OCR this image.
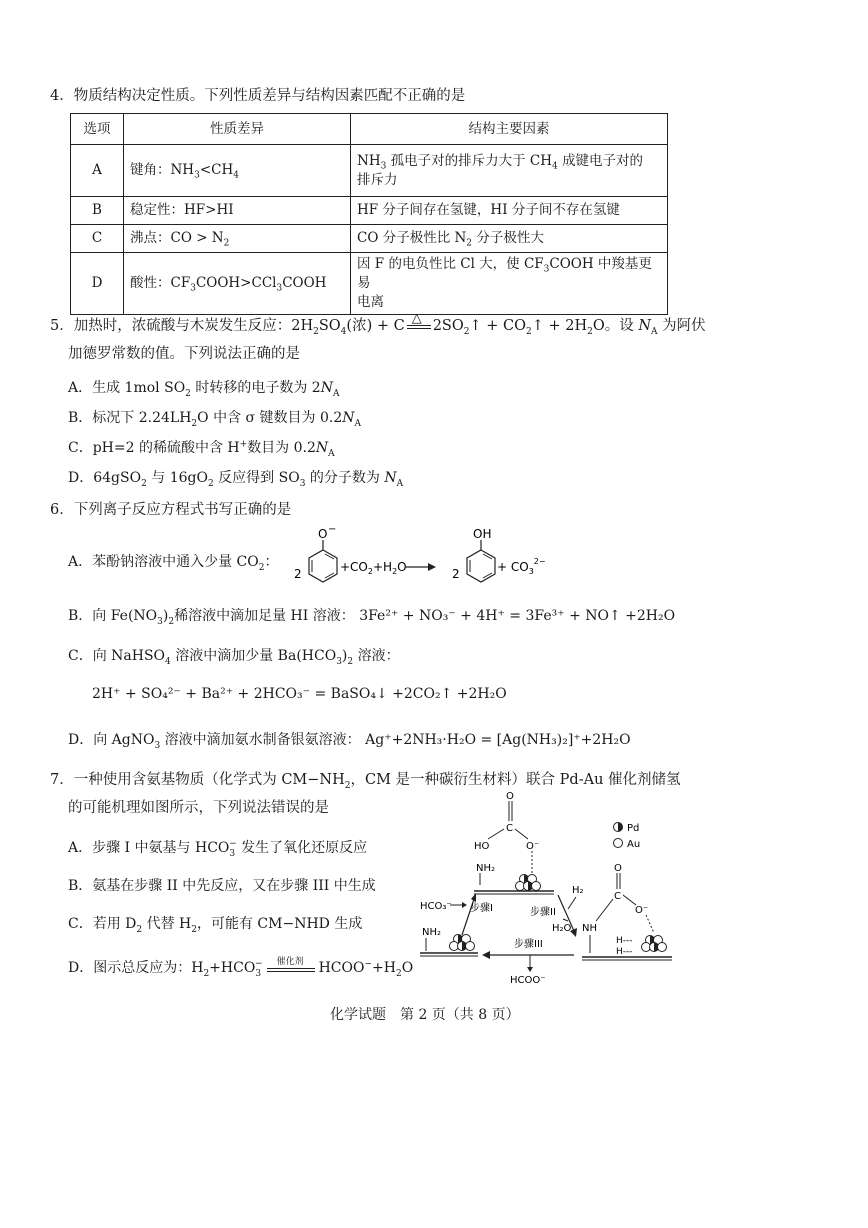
4．物质结构决定性质。下列性质差异与结构因素匹配不正确的是
选项	性质差异	结构主要因素
A	键角：$NH_3<CH_4$	$NH_3$ 孤电子对的排斥力大于 $CH_4$ 成键电子对的
排斥力
B	稳定性：HF>HI	HF 分子间存在氢键，HI 分子间不存在氢键
C	沸点：CO > $N_2$	CO 分子极性比 $N_2$ 分子极性大
D	酸性：$CF_3COOH>CCl_3COOH$	因 F 的电负性比 Cl 大，使 $CF_3COOH$ 中羧基更易
电离
5．加热时，浓硫酸与木炭发生反应：$2H_2SO_4$(浓) + C △ $2SO_2↑$ + $CO_2↑ + 2H_2O$。设 $N_A$ 为阿伏
加德罗常数的值。下列说法正确的是
A．生成 1mol $SO_2$ 时转移的电子数为 $2N_A$
B．标况下 $2.24LH_2O$ 中含 σ 键数目为 $0.2N_A$
C．pH=2 的稀硫酸中含 H+数目为 $0.2N_A$
D．64gSO$_2$ 与 $16gO_2$ 反应得到 $SO_3$ 的分子数为 $N_A$
6．下列离子反应方程式书写正确的是
A．苯酚钠溶液中通入少量 $CO_2$：
2
O −
$+CO_2+H_2O$	2
OH
+ $CO_3^{2-}$
B．向 $Fe(NO_3)_2$稀溶液中滴加足量 HI 溶液： 3Fe²⁺ + NO₃⁻ + 4H⁺ = 3Fe³⁺ + NO↑ +2H₂O
C．向 NaHSO$_4$ 溶液中滴加少量 $Ba(HCO_3)_2$ 溶液：
2H⁺ + SO₄²⁻ + Ba²⁺ + 2HCO₃⁻ = BaSO₄↓ +2CO₂↑ +2H₂O
D．向 AgNO$_3$ 溶液中滴加氨水制备银氨溶液： Ag⁺+2NH₃·H₂O = [Ag(NH₃)₂]⁺+2H₂O
7．一种使用含氨基物质（化学式为 $CM-NH_2$，CM 是一种碳衍生材料）联合 Pd-Au 催化剂储氢
的可能机理如图所示，下列说法错误的是
A．步骤 I 中氨基与 $HCO_3^-$ 发生了氧化还原反应
B．氨基在步骤 II 中先反应，又在步骤 III 中生成
C．若用 $D_2$ 代替 $H_2$，可能有 CM−NHD 生成
D．图示总反应为：$H_2+HCO_3^-$ 催化剂 $HCOO^-+H_2O$
Pd
Au
O
C
HO	O⁻
NH₂
HCO₃⁻ 步骤I	步骤II
H₂
H₂O
O
C
O⁻
NH
H---
H---
步骤III
HCOO⁻
NH₂
化学试题　第 2 页（共 8 页）
